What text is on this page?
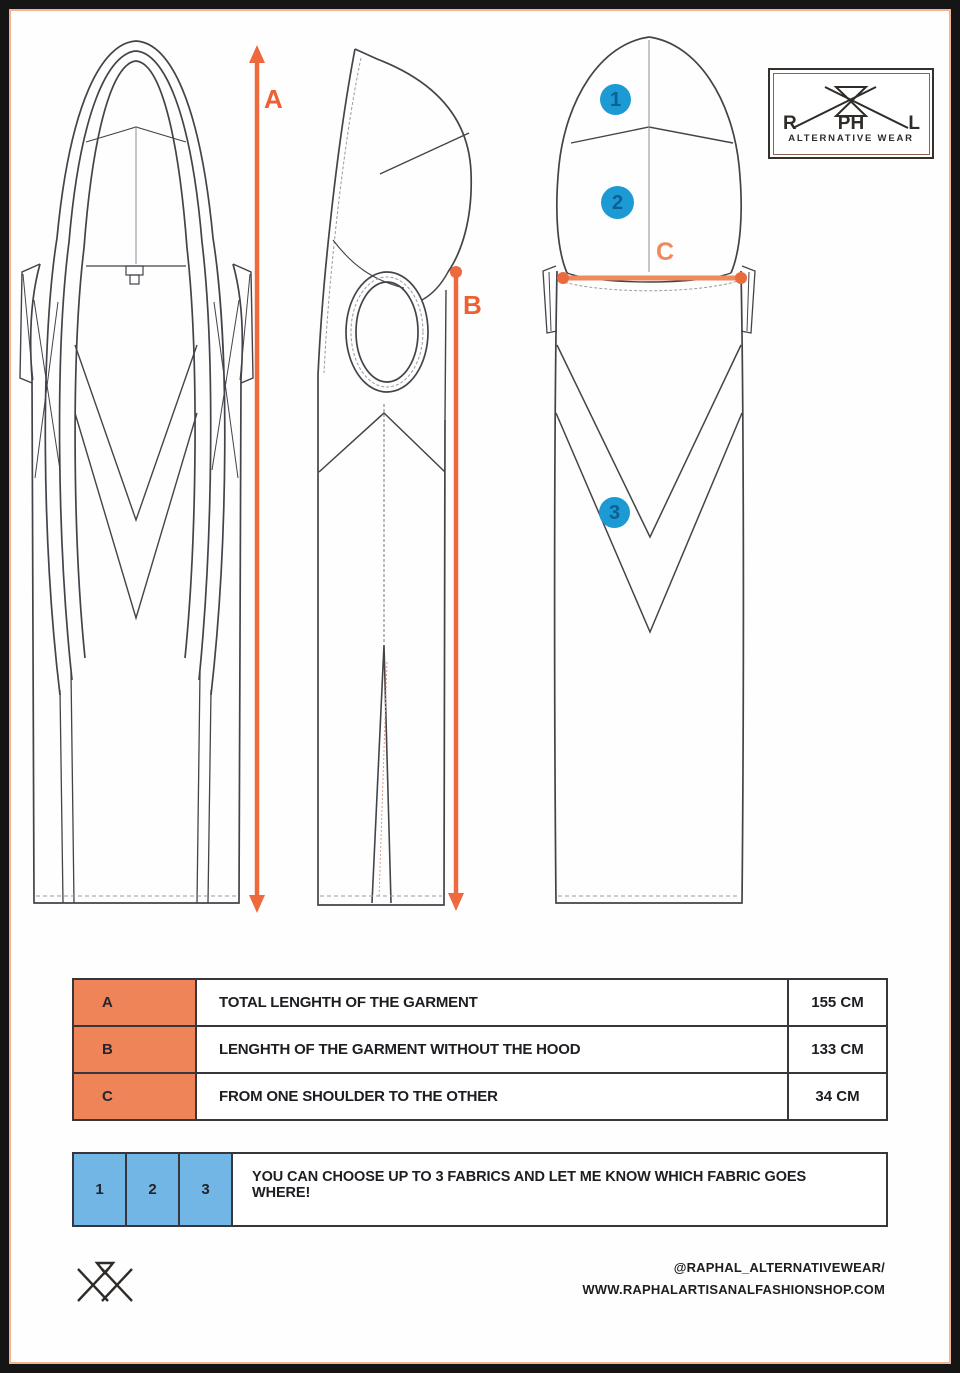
A
B
C
1
2
3
R PH L
ALTERNATIVE WEAR
A	TOTAL LENGHTH OF THE GARMENT	155 CM
B	LENGHTH OF THE GARMENT WITHOUT THE HOOD	133 CM
C	FROM ONE SHOULDER TO THE OTHER	34 CM
1	2	3
YOU CAN CHOOSE UP TO 3 FABRICS AND LET ME KNOW WHICH FABRIC GOES WHERE!
@RAPHAL_ALTERNATIVEWEAR/
WWW.RAPHALARTISANALFASHIONSHOP.COM
